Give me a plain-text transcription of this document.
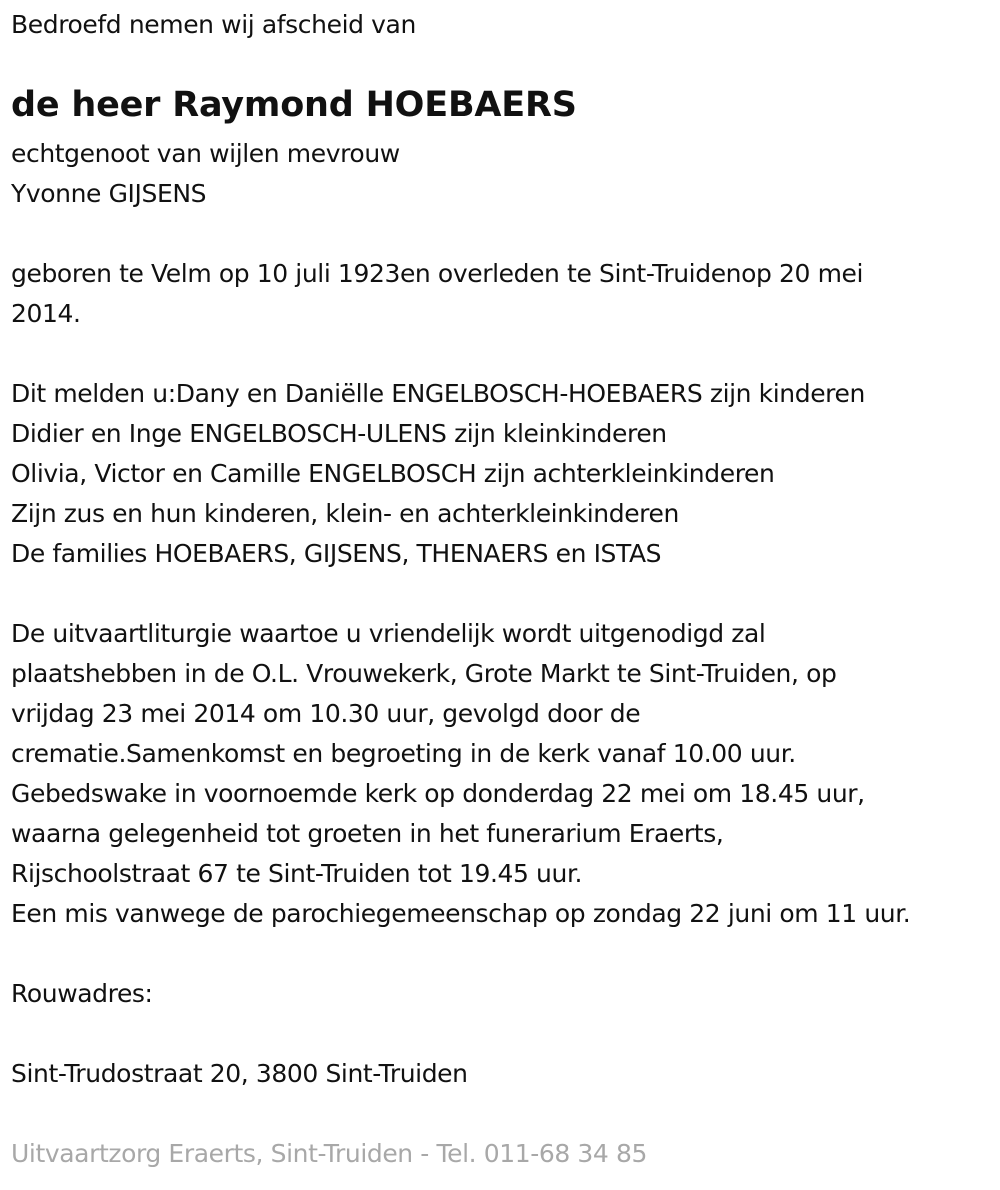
Bedroefd nemen wij afscheid van

de heer Raymond HOEBAERS

echtgenoot van wijlen mevrouw

Yvonne GIJSENS

geboren te Velm op 10 juli 1923en overleden te Sint-Truidenop 20 mei

2014.

Dit melden u:Dany en Daniëlle ENGELBOSCH-HOEBAERS zijn kinderen

Didier en Inge ENGELBOSCH-ULENS zijn kleinkinderen

Olivia, Victor en Camille ENGELBOSCH zijn achterkleinkinderen

Zijn zus en hun kinderen, klein- en achterkleinkinderen

De families HOEBAERS, GIJSENS, THENAERS en ISTAS

De uitvaartliturgie waartoe u vriendelijk wordt uitgenodigd zal

plaatshebben in de O.L. Vrouwekerk, Grote Markt te Sint-Truiden, op

vrijdag 23 mei 2014 om 10.30 uur, gevolgd door de

crematie.Samenkomst en begroeting in de kerk vanaf 10.00 uur.

Gebedswake in voornoemde kerk op donderdag 22 mei om 18.45 uur,

waarna gelegenheid tot groeten in het funerarium Eraerts,

Rijschoolstraat 67 te Sint-Truiden tot 19.45 uur.

Een mis vanwege de parochiegemeenschap op zondag 22 juni om 11 uur.

Rouwadres:

Sint-Trudostraat 20, 3800 Sint-Truiden

Uitvaartzorg Eraerts, Sint-Truiden - Tel. 011-68 34 85
